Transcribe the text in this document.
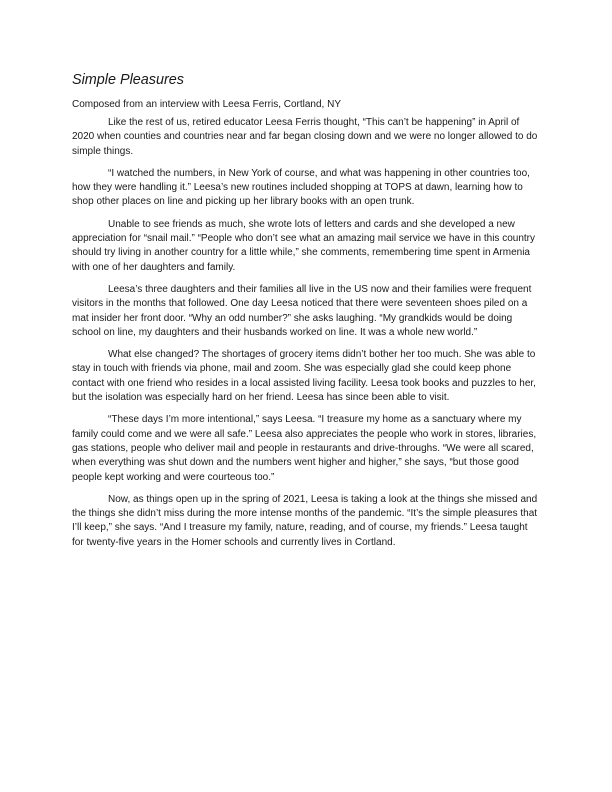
Simple Pleasures

Composed from an interview with Leesa Ferris, Cortland, NY

Like the rest of us, retired educator Leesa Ferris thought, “This can’t be happening” in April of 2020 when counties and countries near and far began closing down and we were no longer allowed to do simple things.

“I watched the numbers, in New York of course, and what was happening in other countries too, how they were handling it.” Leesa’s new routines included shopping at TOPS at dawn, learning how to shop other places on line and picking up her library books with an open trunk.

Unable to see friends as much, she wrote lots of letters and cards and she developed a new appreciation for “snail mail.” “People who don’t see what an amazing mail service we have in this country should try living in another country for a little while,” she comments, remembering time spent in Armenia with one of her daughters and family.

Leesa’s three daughters and their families all live in the US now and their families were frequent visitors in the months that followed. One day Leesa noticed that there were seventeen shoes piled on a mat insider her front door. “Why an odd number?” she asks laughing. “My grandkids would be doing school on line, my daughters and their husbands worked on line. It was a whole new world.”

What else changed? The shortages of grocery items didn’t bother her too much. She was able to stay in touch with friends via phone, mail and zoom. She was especially glad she could keep phone contact with one friend who resides in a local assisted living facility. Leesa took books and puzzles to her, but the isolation was especially hard on her friend. Leesa has since been able to visit.

“These days I’m more intentional,” says Leesa. “I treasure my home as a sanctuary where my family could come and we were all safe.” Leesa also appreciates the people who work in stores, libraries, gas stations, people who deliver mail and people in restaurants and drive-throughs. “We were all scared, when everything was shut down and the numbers went higher and higher,” she says, “but those good people kept working and were courteous too.”

Now, as things open up in the spring of 2021, Leesa is taking a look at the things she missed and the things she didn’t miss during the more intense months of the pandemic. “It’s the simple pleasures that I’ll keep,” she says. “And I treasure my family, nature, reading, and of course, my friends.” Leesa taught for twenty-five years in the Homer schools and currently lives in Cortland.
